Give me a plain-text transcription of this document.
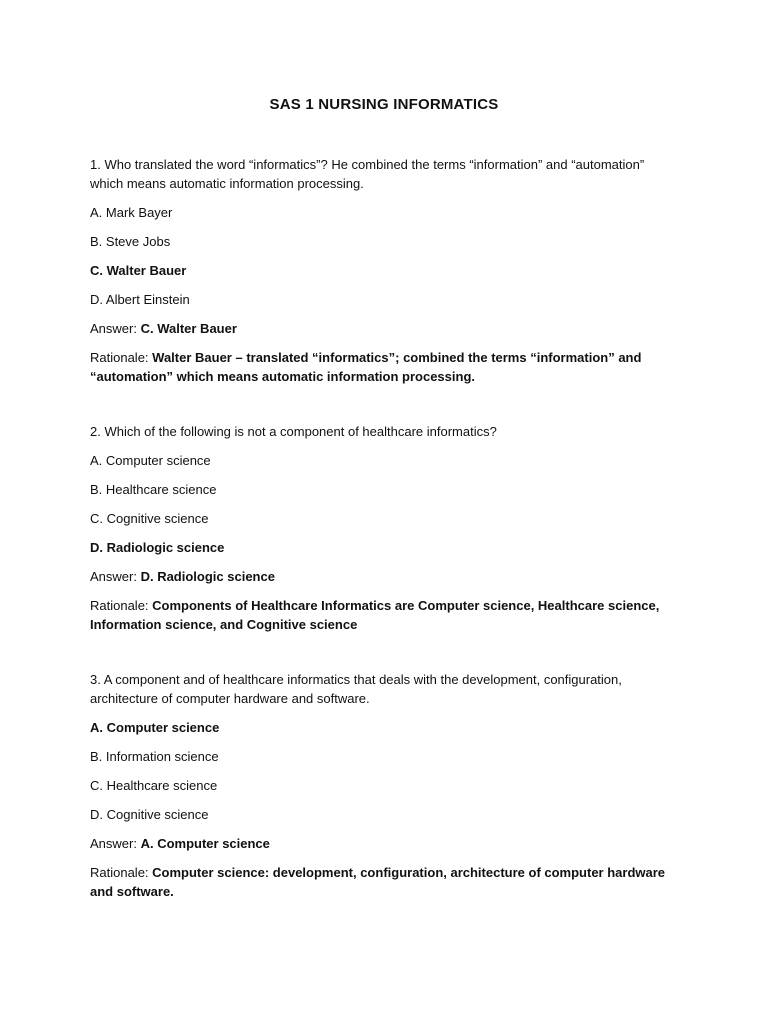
SAS 1 NURSING INFORMATICS
1. Who translated the word “informatics”? He combined the terms “information” and “automation” which means automatic information processing.
A. Mark Bayer
B. Steve Jobs
C. Walter Bauer
D. Albert Einstein
Answer: C. Walter Bauer
Rationale: Walter Bauer – translated “informatics”; combined the terms “information” and “automation” which means automatic information processing.
2. Which of the following is not a component of healthcare informatics?
A. Computer science
B. Healthcare science
C. Cognitive science
D. Radiologic science
Answer: D. Radiologic science
Rationale: Components of Healthcare Informatics are Computer science, Healthcare science, Information science, and Cognitive science
3. A component and of healthcare informatics that deals with the development, configuration, architecture of computer hardware and software.
A. Computer science
B. Information science
C. Healthcare science
D. Cognitive science
Answer: A. Computer science
Rationale: Computer science: development, configuration, architecture of computer hardware and software.
